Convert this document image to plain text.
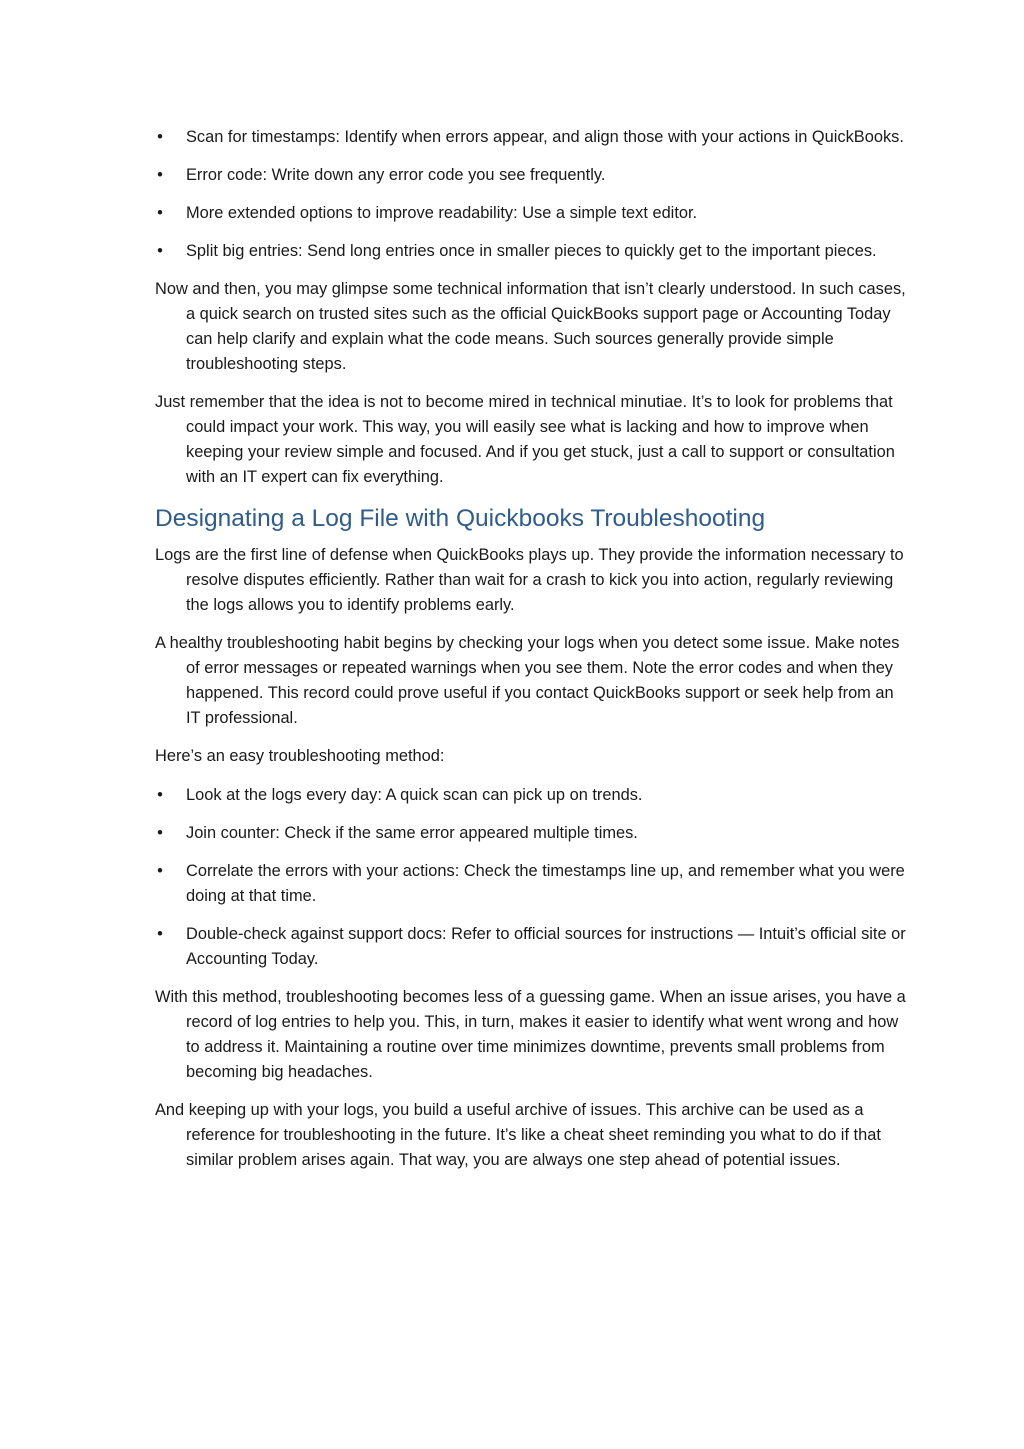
• Scan for timestamps: Identify when errors appear, and align those with your actions in QuickBooks.
• Error code: Write down any error code you see frequently.
• More extended options to improve readability: Use a simple text editor.
• Split big entries: Send long entries once in smaller pieces to quickly get to the important pieces.

Now and then, you may glimpse some technical information that isn’t clearly understood. In such cases, a quick search on trusted sites such as the official QuickBooks support page or Accounting Today can help clarify and explain what the code means. Such sources generally provide simple troubleshooting steps.

Just remember that the idea is not to become mired in technical minutiae. It’s to look for problems that could impact your work. This way, you will easily see what is lacking and how to improve when keeping your review simple and focused. And if you get stuck, just a call to support or consultation with an IT expert can fix everything.

Designating a Log File with Quickbooks Troubleshooting

Logs are the first line of defense when QuickBooks plays up. They provide the information necessary to resolve disputes efficiently. Rather than wait for a crash to kick you into action, regularly reviewing the logs allows you to identify problems early.

A healthy troubleshooting habit begins by checking your logs when you detect some issue. Make notes of error messages or repeated warnings when you see them. Note the error codes and when they happened. This record could prove useful if you contact QuickBooks support or seek help from an IT professional.

Here’s an easy troubleshooting method:

• Look at the logs every day: A quick scan can pick up on trends.
• Join counter: Check if the same error appeared multiple times.
• Correlate the errors with your actions: Check the timestamps line up, and remember what you were doing at that time.
• Double-check against support docs: Refer to official sources for instructions — Intuit’s official site or Accounting Today.

With this method, troubleshooting becomes less of a guessing game. When an issue arises, you have a record of log entries to help you. This, in turn, makes it easier to identify what went wrong and how to address it. Maintaining a routine over time minimizes downtime, prevents small problems from becoming big headaches.

And keeping up with your logs, you build a useful archive of issues. This archive can be used as a reference for troubleshooting in the future. It’s like a cheat sheet reminding you what to do if that similar problem arises again. That way, you are always one step ahead of potential issues.
